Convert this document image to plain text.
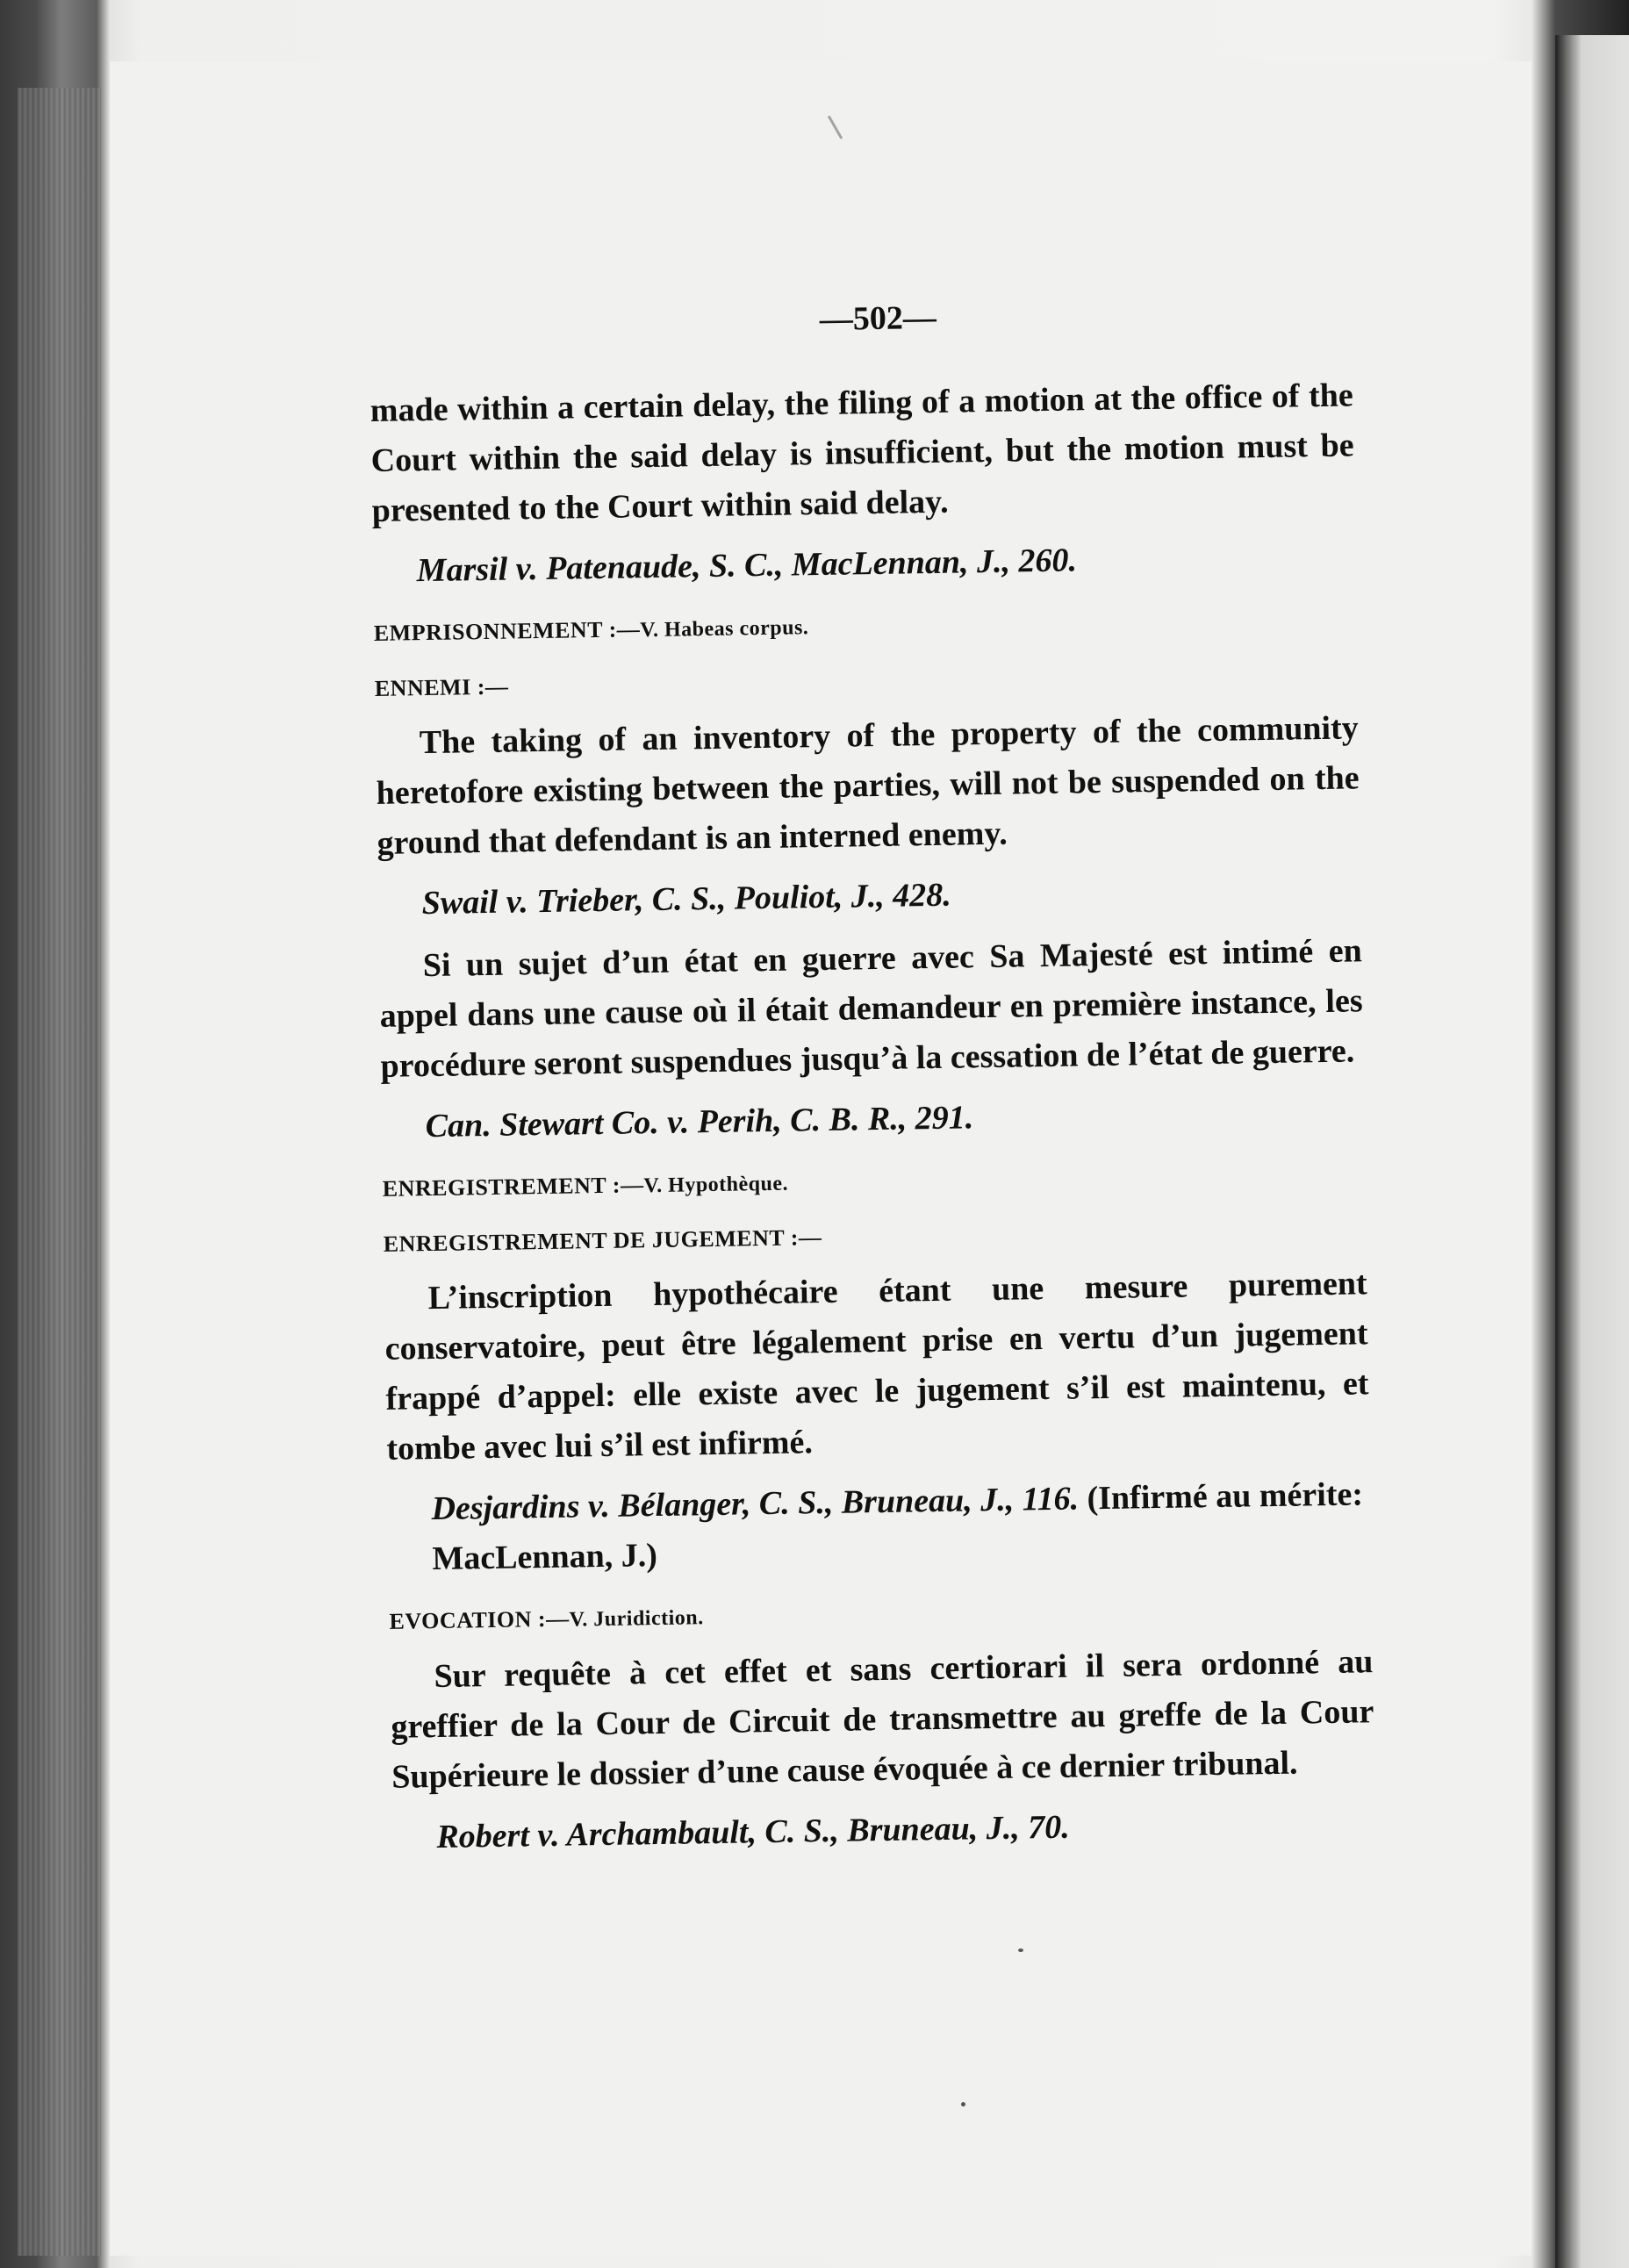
—502—

made within a certain delay, the filing of a motion at the office of the Court within the said delay is insufficient, but the motion must be presented to the Court within said delay.

Marsil v. Patenaude, S. C., MacLennan, J., 260.

EMPRISONNEMENT :—V. Habeas corpus.
ENNEMI :—

The taking of an inventory of the property of the community heretofore existing between the parties, will not be suspended on the ground that defendant is an interned enemy.

Swail v. Trieber, C. S., Pouliot, J., 428.

Si un sujet d’un état en guerre avec Sa Majesté est intimé en appel dans une cause où il était demandeur en première instance, les procédure seront suspendues jusqu’à la cessation de l’état de guerre.

Can. Stewart Co. v. Perih, C. B. R., 291.

ENREGISTREMENT :—V. Hypothèque.
ENREGISTREMENT DE JUGEMENT :—

L’inscription hypothécaire étant une mesure purement conservatoire, peut être légalement prise en vertu d’un jugement frappé d’appel: elle existe avec le jugement s’il est maintenu, et tombe avec lui s’il est infirmé.

Desjardins v. Bélanger, C. S., Bruneau, J., 116. (Infirmé au mérite: MacLennan, J.)

EVOCATION :—V. Juridiction.

Sur requête à cet effet et sans certiorari il sera ordonné au greffier de la Cour de Circuit de transmettre au greffe de la Cour Supérieure le dossier d’une cause évoquée à ce dernier tribunal.

Robert v. Archambault, C. S., Bruneau, J., 70.
